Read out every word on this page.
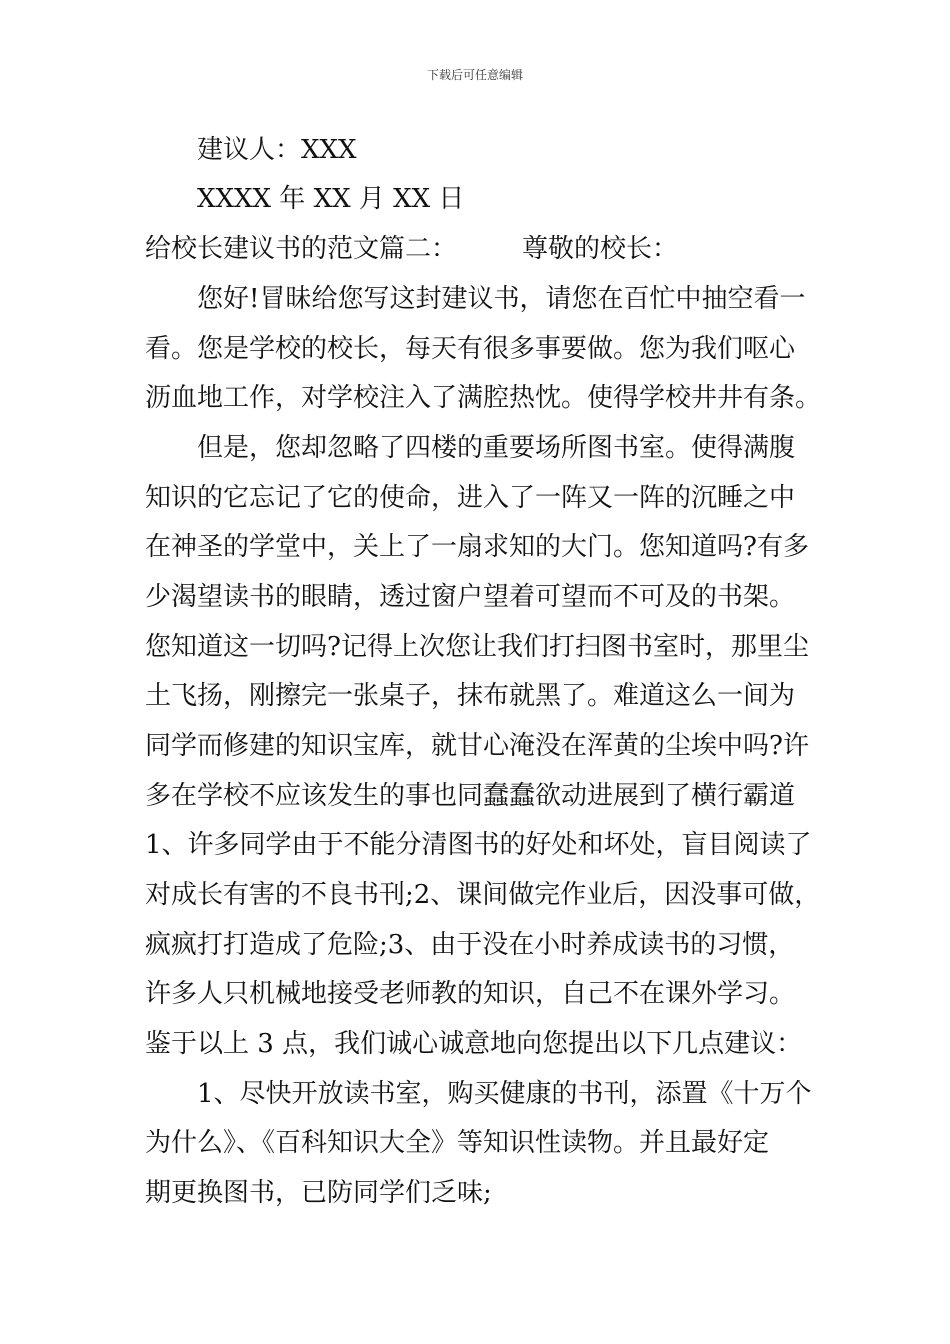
下载后可任意编辑
建议人：XXX
XXXX 年 XX 月 XX 日
给校长建议书的范文篇二：　　　尊敬的校长：
您好!冒昧给您写这封建议书，请您在百忙中抽空看一
看。您是学校的校长，每天有很多事要做。您为我们呕心
沥血地工作，对学校注入了满腔热忱。使得学校井井有条。
但是，您却忽略了四楼的重要场所图书室。使得满腹
知识的它忘记了它的使命，进入了一阵又一阵的沉睡之中
在神圣的学堂中，关上了一扇求知的大门。您知道吗?有多
少渴望读书的眼睛，透过窗户望着可望而不可及的书架。
您知道这一切吗?记得上次您让我们打扫图书室时，那里尘
土飞扬，刚擦完一张桌子，抹布就黑了。难道这么一间为
同学而修建的知识宝库，就甘心淹没在浑黄的尘埃中吗?许
多在学校不应该发生的事也同蠢蠢欲动进展到了横行霸道
1、许多同学由于不能分清图书的好处和坏处，盲目阅读了
对成长有害的不良书刊;2、课间做完作业后，因没事可做，
疯疯打打造成了危险;3、由于没在小时养成读书的习惯，
许多人只机械地接受老师教的知识，自己不在课外学习。
鉴于以上 3 点，我们诚心诚意地向您提出以下几点建议：
1、尽快开放读书室，购买健康的书刊，添置《十万个
为什么》、《百科知识大全》等知识性读物。并且最好定
期更换图书，已防同学们乏味;
